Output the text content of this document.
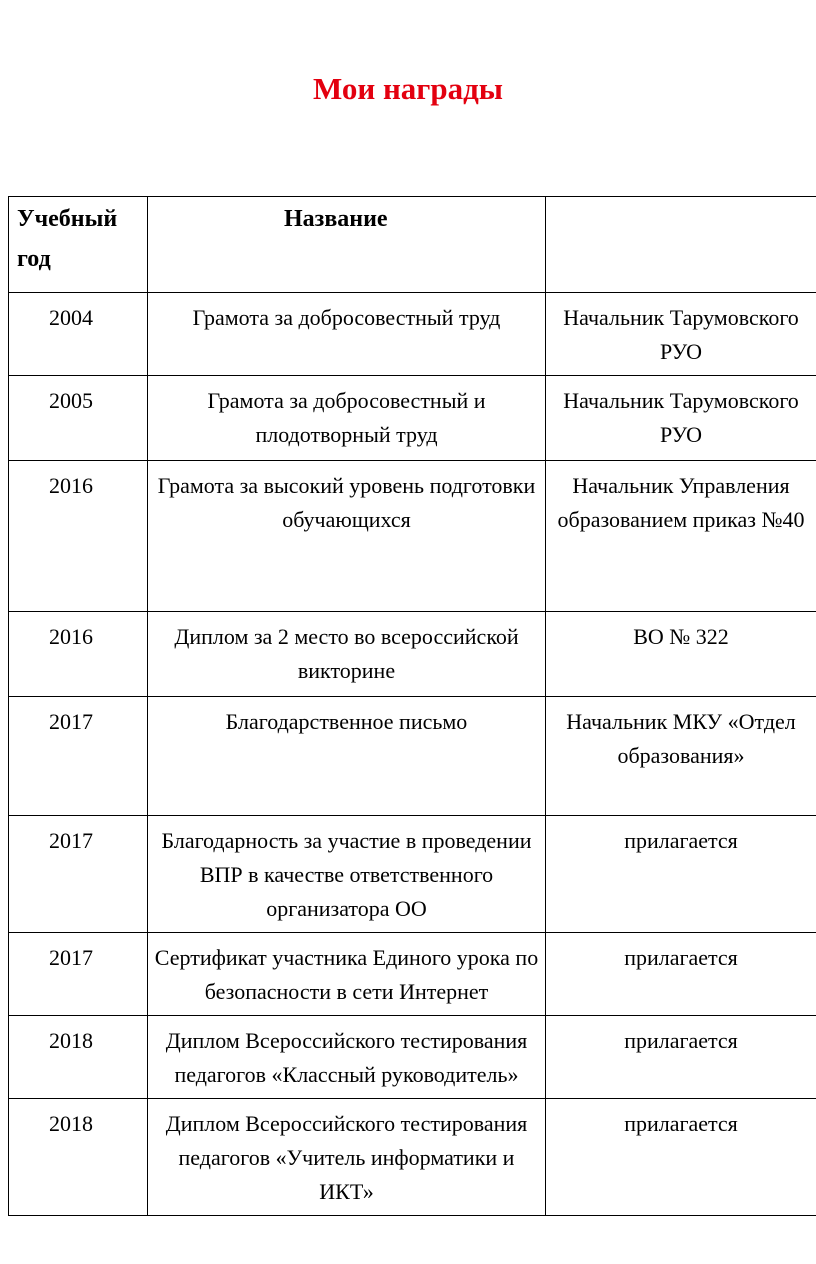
Мои награды
Учебный год	Название	
2004	Грамота за добросовестный труд	Начальник Тарумовского РУО
2005	Грамота за добросовестный и плодотворный труд	Начальник Тарумовского РУО
2016	Грамота за высокий уровень подготовки обучающихся	Начальник Управления образованием приказ №40
2016	Диплом за 2 место во всероссийской викторине	ВО № 322
2017	Благодарственное письмо	Начальник МКУ «Отдел образования»
2017	Благодарность за участие в проведении ВПР в качестве ответственного организатора ОО	прилагается
2017	Сертификат участника Единого урока по безопасности в сети Интернет	прилагается
2018	Диплом Всероссийского тестирования педагогов «Классный руководитель»	прилагается
2018	Диплом Всероссийского тестирования педагогов «Учитель информатики и ИКТ»	прилагается
